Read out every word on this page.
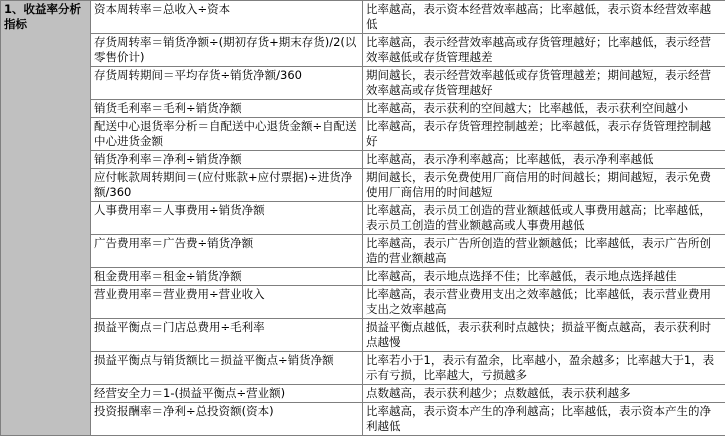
1、收益率分析指标	资本周转率＝总收入÷资本	比率越高，表示资本经营效率越高；比率越低，表示资本经营效率越低
	存货周转率＝销货净额÷(期初存货+期末存货)/2(以零售价计)	比率越高，表示经营效率越高或存货管理越好；比率越低，表示经营效率越低或存货管理越差
	存货周转期间＝平均存货÷销货净额/360	期间越长，表示经营效率越低或存货管理越差；期间越短，表示经营效率越高或存货管理越好
	销货毛利率＝毛利÷销货净额	比率越高，表示获利的空间越大；比率越低，表示获利空间越小
	配送中心退货率分析＝自配送中心退货金额÷自配送中心进货金额	比率越高，表示存货管理控制越差；比率越低，表示存货管理控制越好
	销货净利率＝净利÷销货净额	比率越高，表示净利率越高；比率越低，表示净利率越低
	应付帐款周转期间＝(应付账款+应付票据)÷进货净额/360	期间越长，表示免费使用厂商信用的时间越长；期间越短，表示免费使用厂商信用的时间越短
	人事费用率＝人事费用÷销货净额	比率越高，表示员工创造的营业额越低或人事费用越高；比率越低，表示员工创造的营业额越高或人事费用越低
	广告费用率＝广告费÷销货净额	比率越高，表示广告所创造的营业额越低；比率越低，表示广告所创造的营业额越高
	租金费用率＝租金÷销货净额	比率越高，表示地点选择不佳；比率越低，表示地点选择越佳
	营业费用率＝营业费用÷营业收入	比率越高，表示营业费用支出之效率越低；比率越低，表示营业费用支出之效率越高
	损益平衡点＝门店总费用÷毛利率	损益平衡点越低，表示获利时点越快；损益平衡点越高，表示获利时点越慢
	损益平衡点与销货额比＝损益平衡点÷销货净额	比率若小于1，表示有盈余，比率越小，盈余越多；比率越大于1，表示有亏损，比率越大，亏损越多
	经营安全力＝1-(损益平衡点÷营业额)	点数越高，表示获利越少；点数越低，表示获利越多
	投资报酬率＝净利÷总投资额(资本)	比率越高，表示资本产生的净利越高；比率越低，表示资本产生的净利越低
